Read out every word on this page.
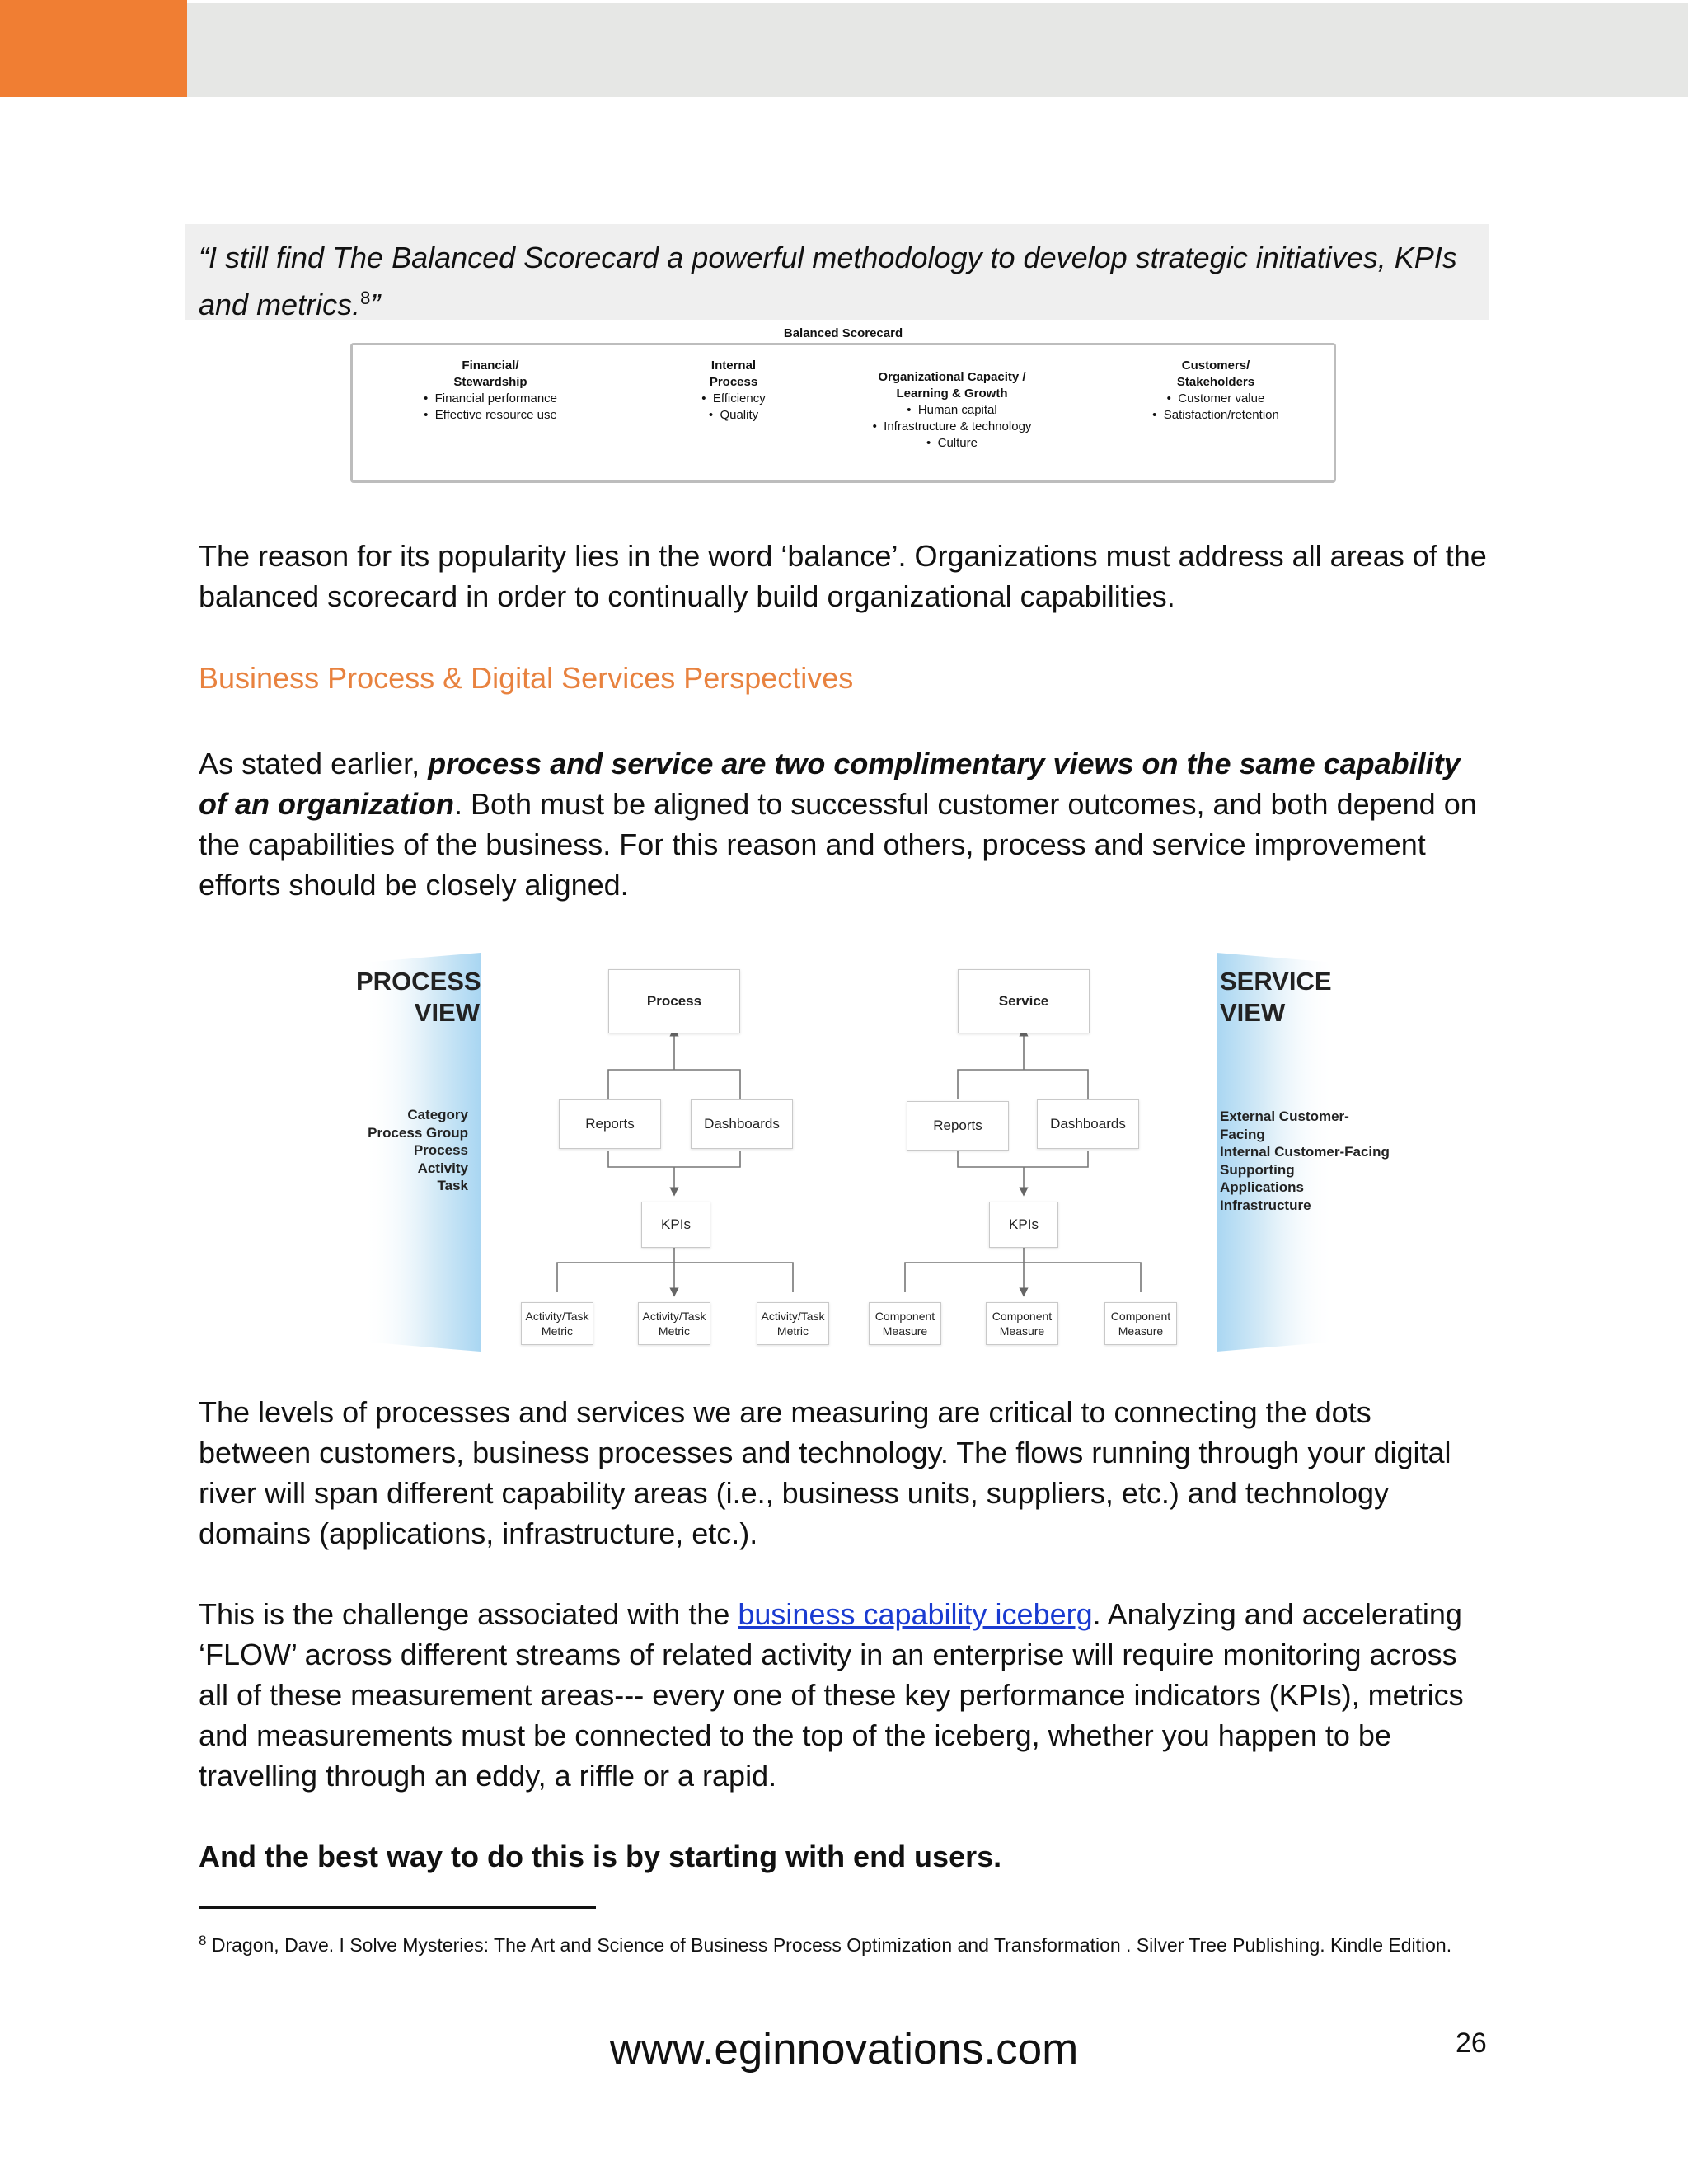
“I still find The Balanced Scorecard a powerful methodology to develop strategic initiatives, KPIs and metrics.$^8$”
Balanced Scorecard
Financial/
Stewardship
•  Financial performance
•  Effective resource use
Internal
Process
•  Efficiency
•  Quality
Organizational Capacity /
Learning & Growth
•  Human capital
•  Infrastructure & technology
•  Culture
Customers/
Stakeholders
•  Customer value
•  Satisfaction/retention

The reason for its popularity lies in the word ‘balance’. Organizations must address all areas of the balanced scorecard in order to continually build organizational capabilities.

Business Process & Digital Services Perspectives

As stated earlier, process and service are two complimentary views on the same capability of an organization. Both must be aligned to successful customer outcomes, and both depend on the capabilities of the business. For this reason and others, process and service improvement efforts should be closely aligned.

PROCESS
VIEW
Category
Process Group
Process
Activity
Task
Process
Reports	Dashboards
KPIs
Activity/Task
Metric
Activity/Task
Metric
Activity/Task
Metric
Service
Reports	Dashboards
KPIs
Component
Measure
Component
Measure
Component
Measure
SERVICE
VIEW
External Customer-Facing
Internal Customer-Facing
Supporting
Applications
Infrastructure

The levels of processes and services we are measuring are critical to connecting the dots between customers, business processes and technology. The flows running through your digital river will span different capability areas (i.e., business units, suppliers, etc.) and technology domains (applications, infrastructure, etc.).

This is the challenge associated with the business capability iceberg. Analyzing and accelerating ‘FLOW’ across different streams of related activity in an enterprise will require monitoring across all of these measurement areas--- every one of these key performance indicators (KPIs), metrics and measurements must be connected to the top of the iceberg, whether you happen to be travelling through an eddy, a riffle or a rapid.

And the best way to do this is by starting with end users.

$^8$ Dragon, Dave. I Solve Mysteries: The Art and Science of Business Process Optimization and Transformation . Silver Tree Publishing. Kindle Edition.
www.eginnovations.com	26
